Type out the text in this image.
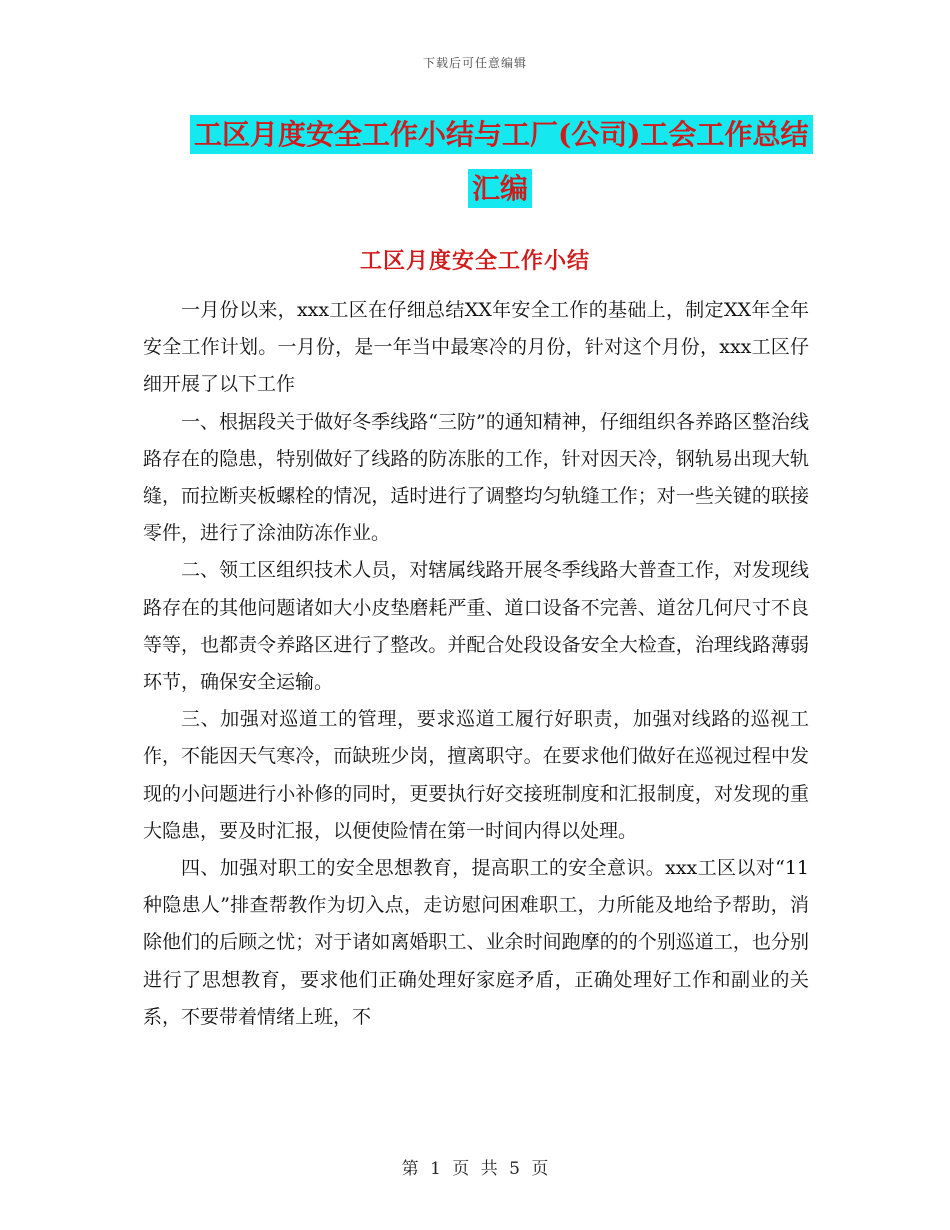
下载后可任意编辑
工区月度安全工作小结与工厂(公司)工会工作总结汇编
工区月度安全工作小结

一月份以来，xxx工区在仔细总结XX年安全工作的基础上，制定XX年全年安全工作计划。一月份，是一年当中最寒冷的月份，针对这个月份，xxx工区仔细开展了以下工作

一、根据段关于做好冬季线路“三防”的通知精神，仔细组织各养路区整治线路存在的隐患，特别做好了线路的防冻胀的工作，针对因天冷，钢轨易出现大轨缝，而拉断夹板螺栓的情况，适时进行了调整均匀轨缝工作；对一些关键的联接零件，进行了涂油防冻作业。

二、领工区组织技术人员，对辖属线路开展冬季线路大普查工作，对发现线路存在的其他问题诸如大小皮垫磨耗严重、道口设备不完善、道岔几何尺寸不良等等，也都责令养路区进行了整改。并配合处段设备安全大检查，治理线路薄弱环节，确保安全运输。

三、加强对巡道工的管理，要求巡道工履行好职责，加强对线路的巡视工作，不能因天气寒冷，而缺班少岗，擅离职守。在要求他们做好在巡视过程中发现的小问题进行小补修的同时，更要执行好交接班制度和汇报制度，对发现的重大隐患，要及时汇报，以便使险情在第一时间内得以处理。

四、加强对职工的安全思想教育，提高职工的安全意识。xxx工区以对“11种隐患人”排查帮教作为切入点，走访慰问困难职工，力所能及地给予帮助，消除他们的后顾之忧；对于诸如离婚职工、业余时间跑摩的的个别巡道工，也分别进行了思想教育，要求他们正确处理好家庭矛盾，正确处理好工作和副业的关系，不要带着情绪上班，不

第 1 页 共 5 页
